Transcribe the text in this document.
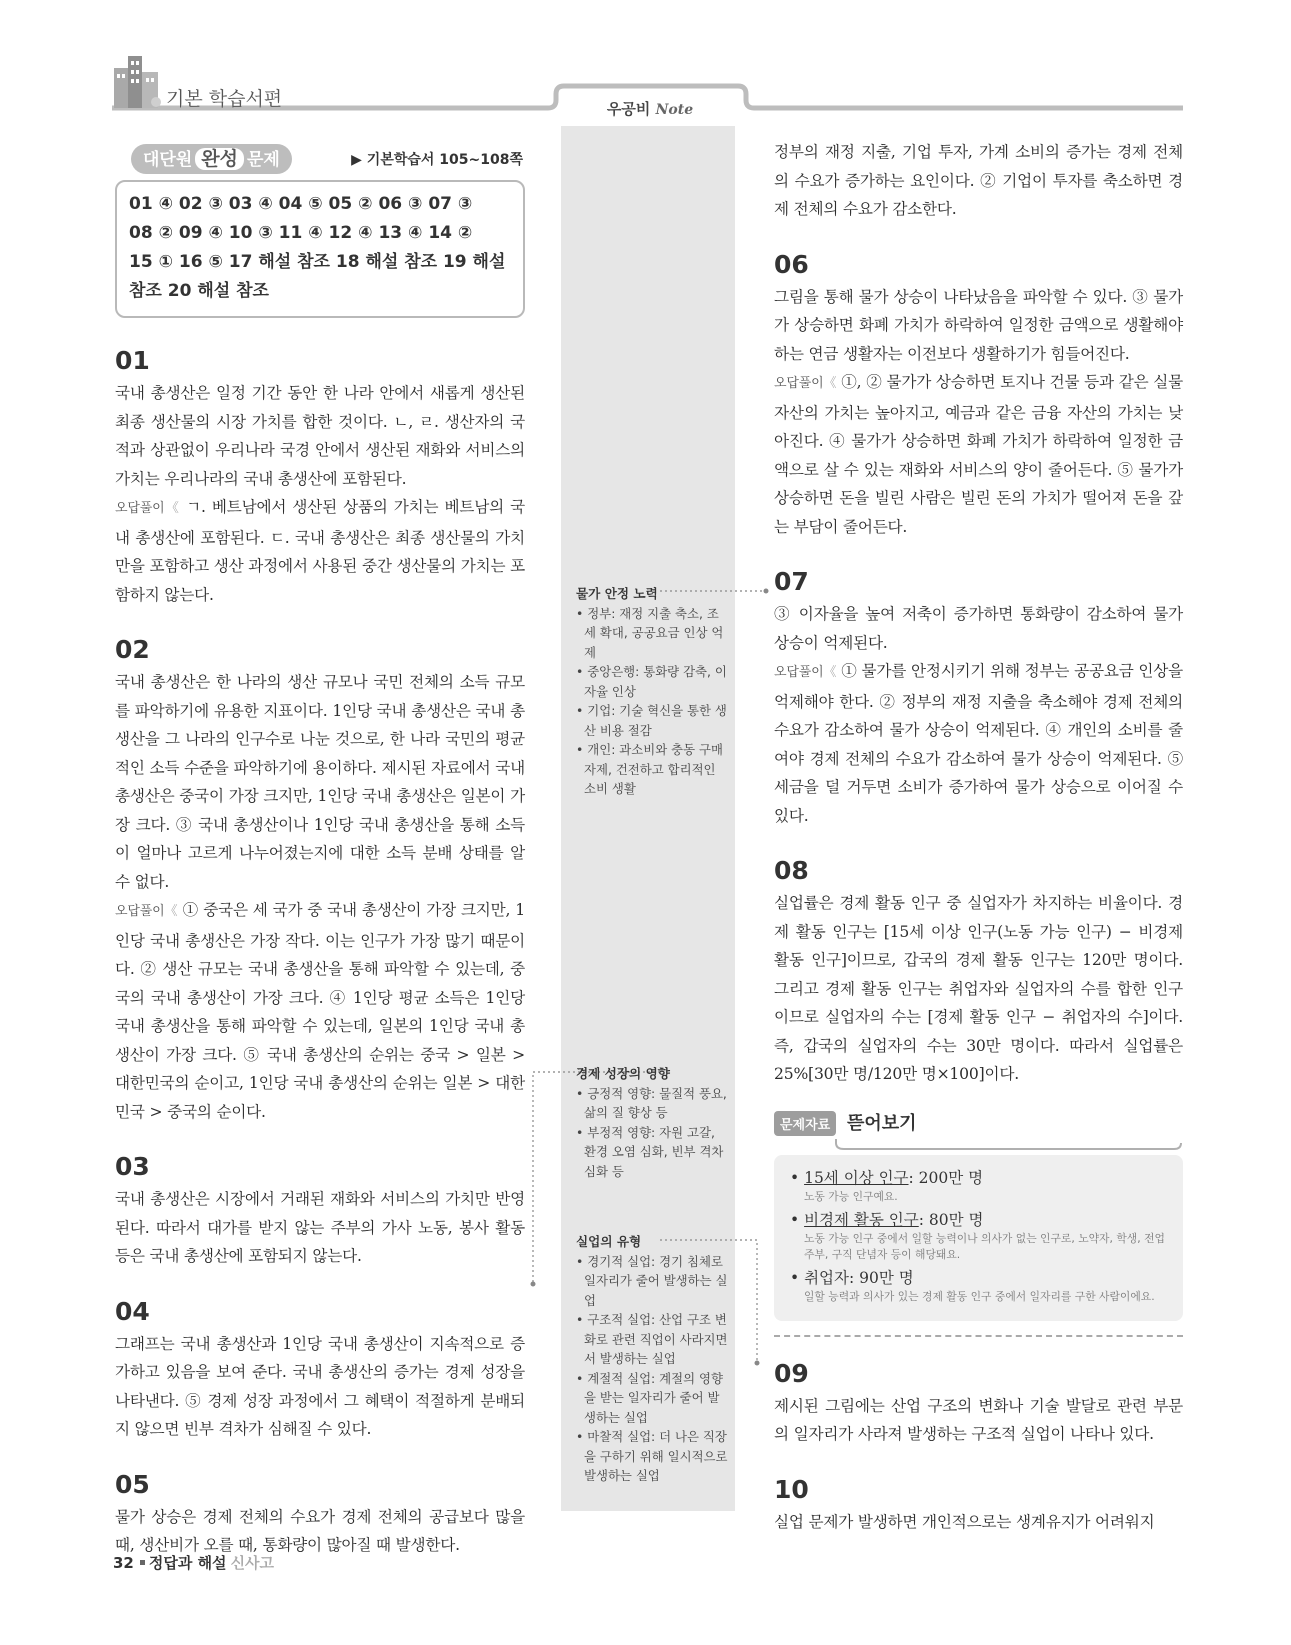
기본 학습서편	우공비 Note
대단원 완성 문제	▶ 기본학습서 105~108쪽
01 ④ 02 ③ 03 ④ 04 ⑤ 05 ② 06 ③ 07 ③
08 ② 09 ④ 10 ③ 11 ④ 12 ④ 13 ④ 14 ②
15 ① 16 ⑤ 17 해설 참조 18 해설 참조 19 해설
참조 20 해설 참조
01

국내 총생산은 일정 기간 동안 한 나라 안에서 새롭게 생산된 최종 생산물의 시장 가치를 합한 것이다. ㄴ, ㄹ. 생산자의 국적과 상관없이 우리나라 국경 안에서 생산된 재화와 서비스의 가치는 우리나라의 국내 총생산에 포함된다.

오답풀이《 ㄱ. 베트남에서 생산된 상품의 가치는 베트남의 국내 총생산에 포함된다. ㄷ. 국내 총생산은 최종 생산물의 가치만을 포함하고 생산 과정에서 사용된 중간 생산물의 가치는 포함하지 않는다.

02

국내 총생산은 한 나라의 생산 규모나 국민 전체의 소득 규모를 파악하기에 유용한 지표이다. 1인당 국내 총생산은 국내 총생산을 그 나라의 인구수로 나눈 것으로, 한 나라 국민의 평균적인 소득 수준을 파악하기에 용이하다. 제시된 자료에서 국내 총생산은 중국이 가장 크지만, 1인당 국내 총생산은 일본이 가장 크다. ③ 국내 총생산이나 1인당 국내 총생산을 통해 소득이 얼마나 고르게 나누어졌는지에 대한 소득 분배 상태를 알 수 없다.

오답풀이《 ① 중국은 세 국가 중 국내 총생산이 가장 크지만, 1인당 국내 총생산은 가장 작다. 이는 인구가 가장 많기 때문이다. ② 생산 규모는 국내 총생산을 통해 파악할 수 있는데, 중국의 국내 총생산이 가장 크다. ④ 1인당 평균 소득은 1인당 국내 총생산을 통해 파악할 수 있는데, 일본의 1인당 국내 총생산이 가장 크다. ⑤ 국내 총생산의 순위는 중국 > 일본 > 대한민국의 순이고, 1인당 국내 총생산의 순위는 일본 > 대한민국 > 중국의 순이다.

03

국내 총생산은 시장에서 거래된 재화와 서비스의 가치만 반영된다. 따라서 대가를 받지 않는 주부의 가사 노동, 봉사 활동 등은 국내 총생산에 포함되지 않는다.

04

그래프는 국내 총생산과 1인당 국내 총생산이 지속적으로 증가하고 있음을 보여 준다. 국내 총생산의 증가는 경제 성장을 나타낸다. ⑤ 경제 성장 과정에서 그 혜택이 적절하게 분배되지 않으면 빈부 격차가 심해질 수 있다.

05

물가 상승은 경제 전체의 수요가 경제 전체의 공급보다 많을 때, 생산비가 오를 때, 통화량이 많아질 때 발생한다.

물가 안정 노력
• 정부: 재정 지출 축소, 조세 확대, 공공요금 인상 억제
• 중앙은행: 통화량 감축, 이자율 인상
• 기업: 기술 혁신을 통한 생산 비용 절감
• 개인: 과소비와 충동 구매 자제, 건전하고 합리적인 소비 생활
경제 성장의 영향
• 긍정적 영향: 물질적 풍요, 삶의 질 향상 등
• 부정적 영향: 자원 고갈, 환경 오염 심화, 빈부 격차 심화 등
실업의 유형
• 경기적 실업: 경기 침체로 일자리가 줄어 발생하는 실업
• 구조적 실업: 산업 구조 변화로 관련 직업이 사라지면서 발생하는 실업
• 계절적 실업: 계절의 영향을 받는 일자리가 줄어 발생하는 실업
• 마찰적 실업: 더 나은 직장을 구하기 위해 일시적으로 발생하는 실업

정부의 재정 지출, 기업 투자, 가계 소비의 증가는 경제 전체의 수요가 증가하는 요인이다. ② 기업이 투자를 축소하면 경제 전체의 수요가 감소한다.

06

그림을 통해 물가 상승이 나타났음을 파악할 수 있다. ③ 물가가 상승하면 화폐 가치가 하락하여 일정한 금액으로 생활해야 하는 연금 생활자는 이전보다 생활하기가 힘들어진다.

오답풀이《 ①, ② 물가가 상승하면 토지나 건물 등과 같은 실물 자산의 가치는 높아지고, 예금과 같은 금융 자산의 가치는 낮아진다. ④ 물가가 상승하면 화폐 가치가 하락하여 일정한 금액으로 살 수 있는 재화와 서비스의 양이 줄어든다. ⑤ 물가가 상승하면 돈을 빌린 사람은 빌린 돈의 가치가 떨어져 돈을 갚는 부담이 줄어든다.

07

③ 이자율을 높여 저축이 증가하면 통화량이 감소하여 물가 상승이 억제된다.

오답풀이《 ① 물가를 안정시키기 위해 정부는 공공요금 인상을 억제해야 한다. ② 정부의 재정 지출을 축소해야 경제 전체의 수요가 감소하여 물가 상승이 억제된다. ④ 개인의 소비를 줄여야 경제 전체의 수요가 감소하여 물가 상승이 억제된다. ⑤ 세금을 덜 거두면 소비가 증가하여 물가 상승으로 이어질 수 있다.

08

실업률은 경제 활동 인구 중 실업자가 차지하는 비율이다. 경제 활동 인구는 [15세 이상 인구(노동 가능 인구) − 비경제 활동 인구]이므로, 갑국의 경제 활동 인구는 120만 명이다. 그리고 경제 활동 인구는 취업자와 실업자의 수를 합한 인구이므로 실업자의 수는 [경제 활동 인구 − 취업자의 수]이다. 즉, 갑국의 실업자의 수는 30만 명이다. 따라서 실업률은 25%[30만 명/120만 명×100]이다.

문제자료 뜯어보기
• 15세 이상 인구: 200만 명
노동 가능 인구예요.
• 비경제 활동 인구: 80만 명
노동 가능 인구 중에서 일할 능력이나 의사가 없는 인구로, 노약자, 학생, 전업주부, 구직 단념자 등이 해당돼요.
• 취업자: 90만 명
일할 능력과 의사가 있는 경제 활동 인구 중에서 일자리를 구한 사람이에요.
09

제시된 그림에는 산업 구조의 변화나 기술 발달로 관련 부문의 일자리가 사라져 발생하는 구조적 실업이 나타나 있다.

10

실업 문제가 발생하면 개인적으로는 생계유지가 어려워지

32 정답과 해설 신사고
